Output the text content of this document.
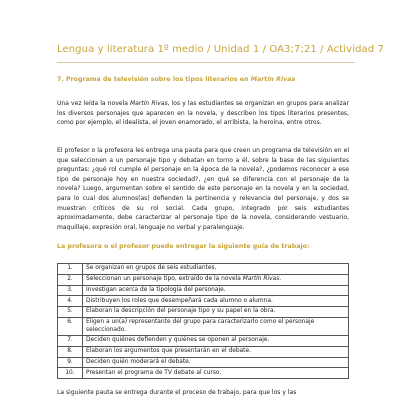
Lengua y literatura 1º medio / Unidad 1 / OA3;7;21 / Actividad 7
7. Programa de televisión sobre los tipos literarios en Martín Rivas
Una vez leída la novela Martín Rivas, los y las estudiantes se organizan en grupos para analizar los diversos personajes que aparecen en la novela, y describen los tipos literarios presentes, como por ejemplo, el idealista, el joven enamorado, el arribista, la heroína, entre otros.
El profesor o la profesora les entrega una pauta para que creen un programa de televisión en el que seleccionen a un personaje tipo y debatan en torno a él, sobre la base de las siguientes preguntas: ¿qué rol cumple el personaje en la época de la novela?, ¿podemos reconocer a ese tipo de personaje hoy en nuestra sociedad?, ¿en qué se diferencia con el personaje de la novela? Luego, argumentan sobre el sentido de este personaje en la novela y en la sociedad, para lo cual dos alumnos(as) defienden la pertinencia y relevancia del personaje, y dos se muestran críticos de su rol social. Cada grupo, integrado por seis estudiantes aproximadamente, debe caracterizar al personaje tipo de la novela, considerando vestuario, maquillaje, expresión oral, lenguaje no verbal y paralenguaje.
La profesora o el profesor puede entregar la siguiente guía de trabajo:
1.	Se organizan en grupos de seis estudiantes.
2.	Seleccionan un personaje tipo, extraído de la novela Martín Rivas.
3.	Investigan acerca de la tipología del personaje.
4.	Distribuyen los roles que desempeñará cada alumno o alumna.
5.	Elaboran la descripción del personaje tipo y su papel en la obra.
6.	Eligen a un(a) representante del grupo para caracterizarlo como el personaje seleccionado.
7.	Deciden quiénes defienden y quiénes se oponen al personaje.
8.	Elaboran los argumentos que presentarán en el debate.
9.	Deciden quién moderará el debate.
10.	Presentan el programa de TV debate al curso.
La siguiente pauta se entrega durante el proceso de trabajo, para que los y las
